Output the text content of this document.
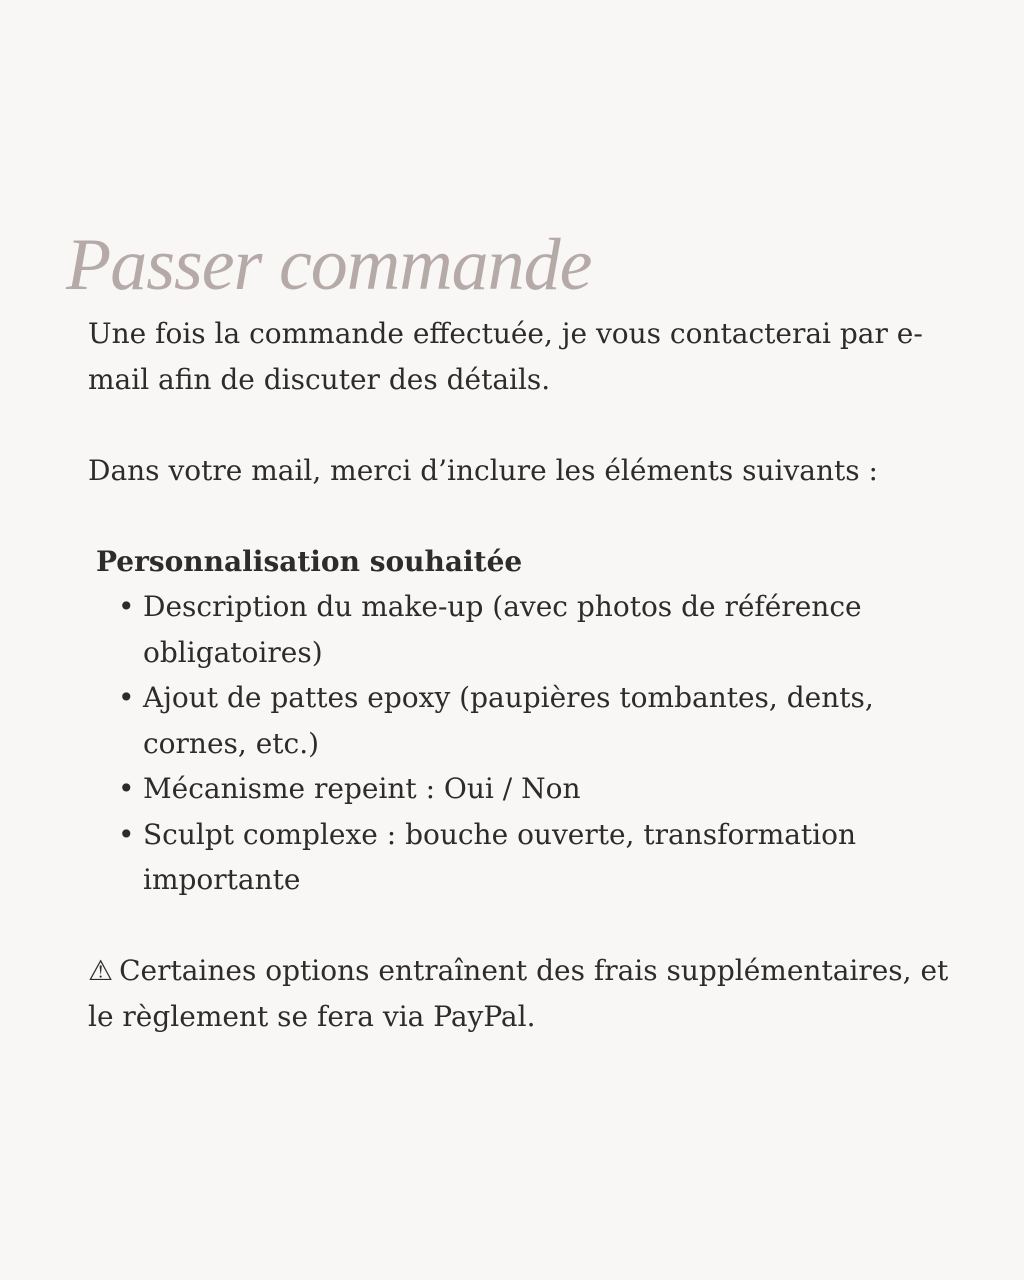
Passer commande

Une fois la commande effectuée, je vous contacterai par e-mail afin de discuter des détails.

Dans votre mail, merci d’inclure les éléments suivants :

Personnalisation souhaitée

• Description du make-up (avec photos de référence obligatoires)
• Ajout de pattes epoxy (paupières tombantes, dents, cornes, etc.)
• Mécanisme repeint : Oui / Non
• Sculpt complexe : bouche ouverte, transformation importante

⚠ Certaines options entraînent des frais supplémentaires, et le règlement se fera via PayPal.
